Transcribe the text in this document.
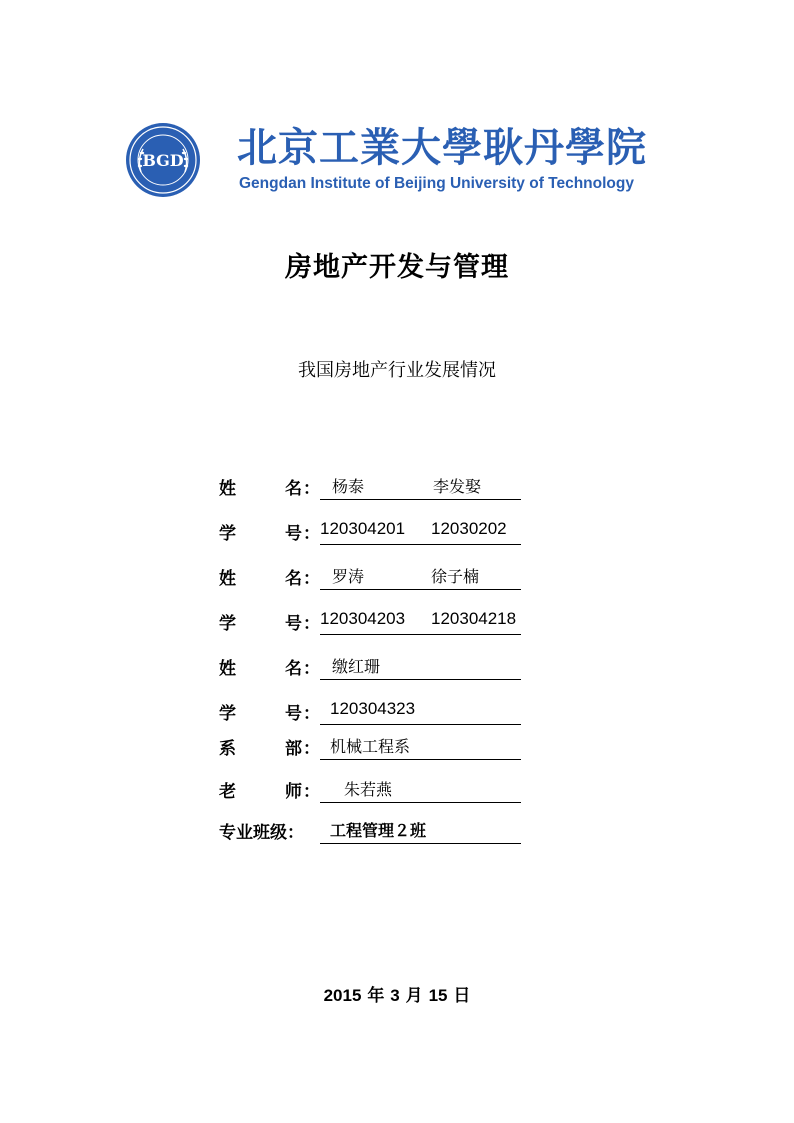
BGD 北京工業大學耿丹學院
Gengdan Institute of Beijing University of Technology
房地产开发与管理
我国房地产行业发展情况
姓	名 ： 杨泰	李发娶
学	号 ： 120304201 12030202
姓	名 ： 罗涛	徐子楠
学	号 ： 120304203 120304218
姓	名 ： 缴红珊
学	号 ： 120304323
系	部 ： 机械工程系
老	师 ： 朱若燕
专业班级： 工程管理２班
2015 年 3 月 15 日
